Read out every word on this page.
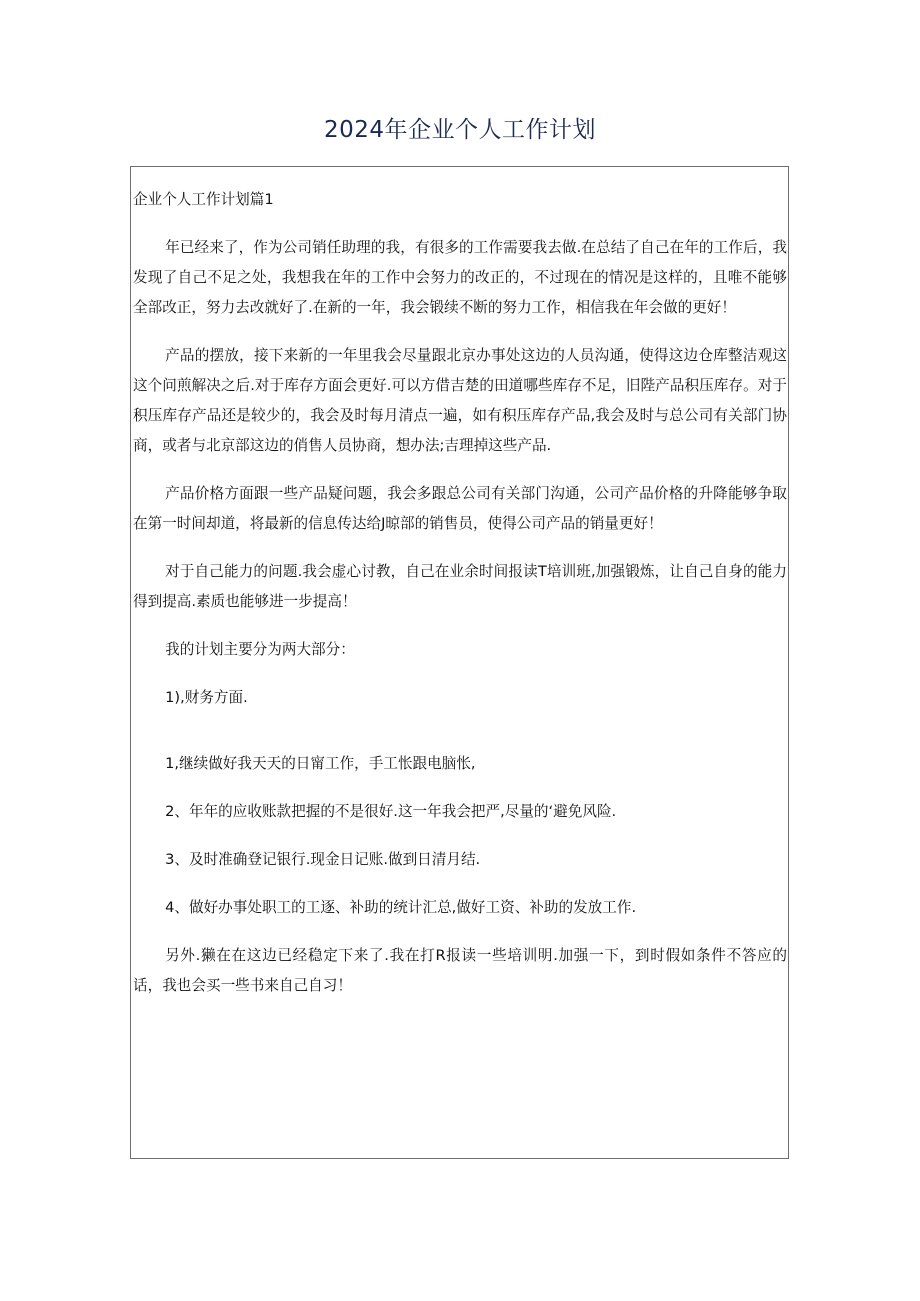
2024年企业个人工作计划

企业个人工作计划篇1

年已经来了，作为公司销任助理的我，有很多的工作需要我去做.在总结了自己在年的工作后，我发现了自己不足之处，我想我在年的工作中会努力的改正的，不过现在的情况是这样的，且唯不能够全部改正，努力去改就好了.在新的一年，我会锻续不断的努力工作，相信我在年会做的更好！

产品的摆放，接下来新的一年里我会尽量跟北京办事处这边的人员沟通，使得这边仓库整洁观这这个问煎解决之后.对于库存方面会更好.可以方借吉楚的田道哪些库存不足，旧陛产品积压库存。对于积压库存产品还是较少的，我会及时每月清点一遍，如有积压库存产品,我会及时与总公司有关部门协商，或者与北京部这边的俏售人员协商，想办法;吉理掉这些产品.

产品价格方面跟一些产品疑问题，我会多跟总公司有关部门沟通，公司产品价格的升降能够争取在第一时间却道，将最新的信息传达给J晾部的销售员，使得公司产品的销量更好！

对于自己能力的问题.我会虚心讨教，自己在业余时间报读T培训班,加强锻炼，让自己自身的能力得到提高.素质也能够进一步提高！

我的计划主要分为两大部分：

1),财务方面.

1,继续做好我天天的日甯工作，手工怅跟电脑怅,

2、年年的应收账款把握的不是很好.这一年我会把严,尽量的‘避免风险.

3、及时准确登记银行.现金日记账.做到日清月结.

4、做好办事处职工的工逐、补助的统计汇总,做好工资、补助的发放工作.

另外.獭在在这边已经稳定下来了.我在打R报读一些培训明.加强一下，到时假如条件不答应的话，我也会买一些书来自己自习！
